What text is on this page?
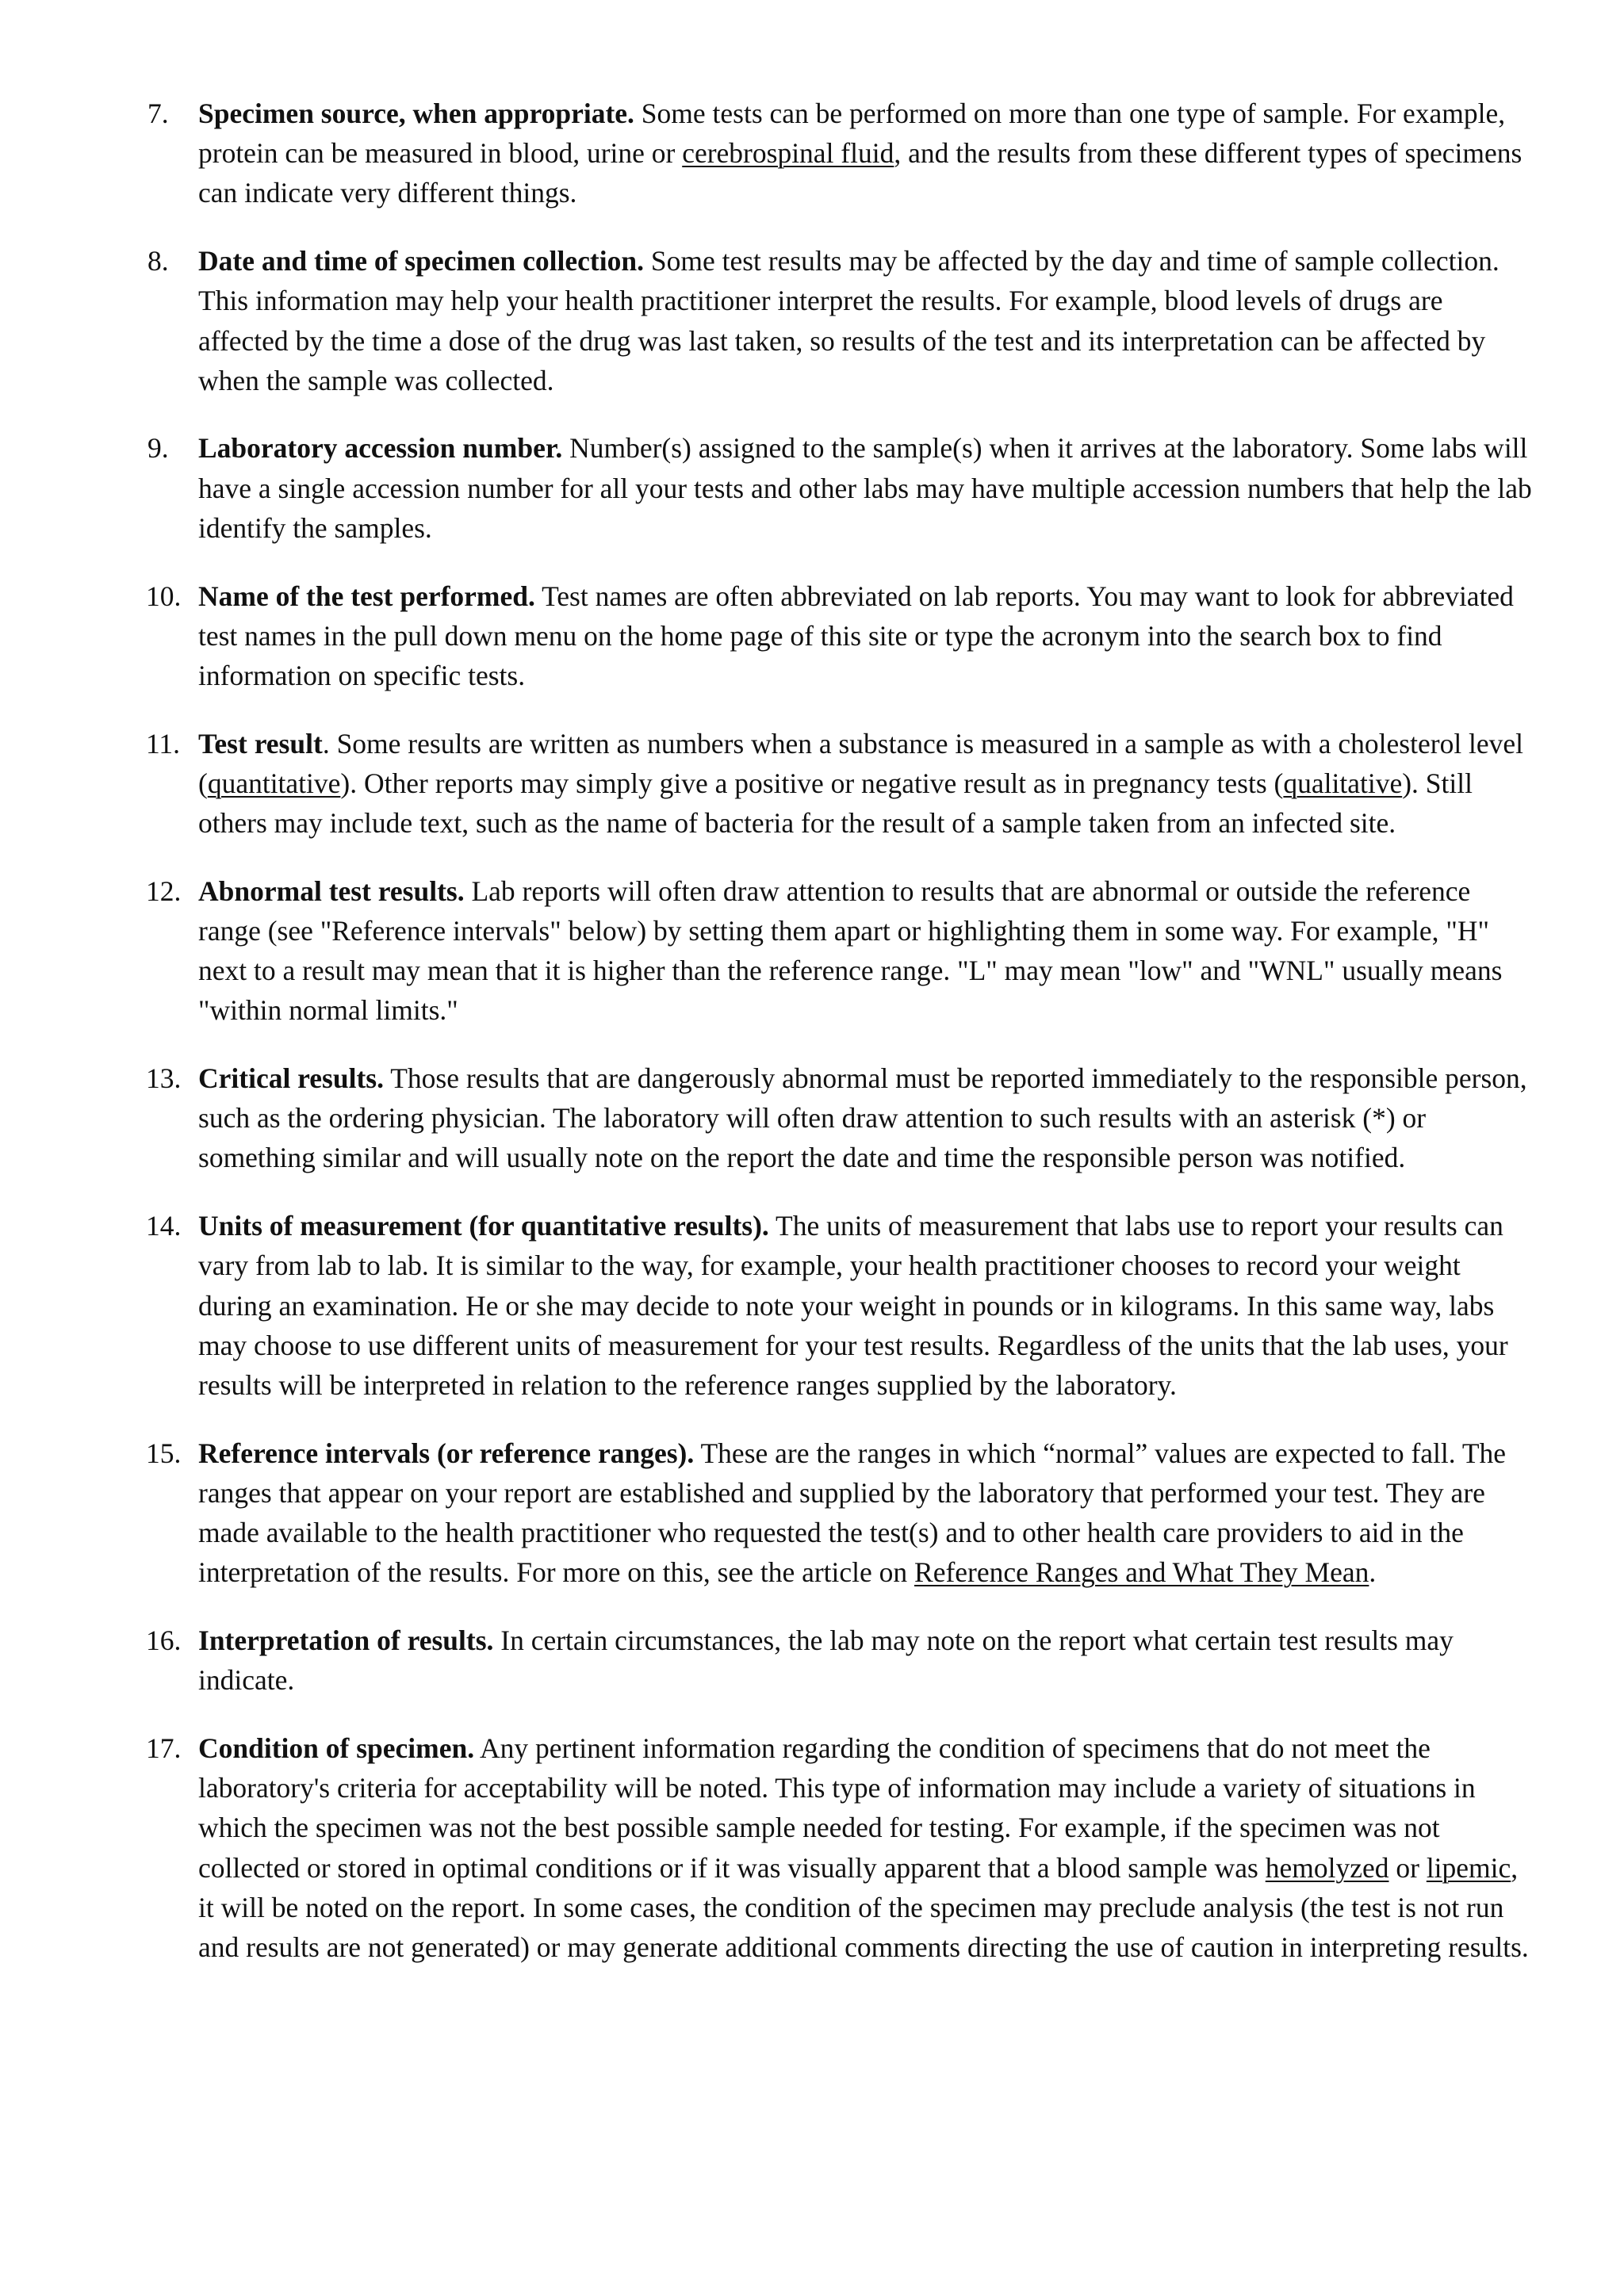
7.	Specimen source, when appropriate. Some tests can be performed on more than one type of sample. For example, protein can be measured in blood, urine or cerebrospinal fluid, and the results from these different types of specimens can indicate very different things.
8.	Date and time of specimen collection. Some test results may be affected by the day and time of sample collection. This information may help your health practitioner interpret the results. For example, blood levels of drugs are affected by the time a dose of the drug was last taken, so results of the test and its interpretation can be affected by when the sample was collected.
9.	Laboratory accession number. Number(s) assigned to the sample(s) when it arrives at the laboratory. Some labs will have a single accession number for all your tests and other labs may have multiple accession numbers that help the lab identify the samples.
10. Name of the test performed. Test names are often abbreviated on lab reports. You may want to look for abbreviated test names in the pull down menu on the home page of this site or type the acronym into the search box to find information on specific tests.
11. Test result. Some results are written as numbers when a substance is measured in a sample as with a cholesterol level (quantitative). Other reports may simply give a positive or negative result as in pregnancy tests (qualitative). Still others may include text, such as the name of bacteria for the result of a sample taken from an infected site.
12. Abnormal test results. Lab reports will often draw attention to results that are abnormal or outside the reference range (see "Reference intervals" below) by setting them apart or highlighting them in some way. For example, "H" next to a result may mean that it is higher than the reference range. "L" may mean "low" and "WNL" usually means "within normal limits."
13. Critical results. Those results that are dangerously abnormal must be reported immediately to the responsible person, such as the ordering physician. The laboratory will often draw attention to such results with an asterisk (*) or something similar and will usually note on the report the date and time the responsible person was notified.
14. Units of measurement (for quantitative results). The units of measurement that labs use to report your results can vary from lab to lab. It is similar to the way, for example, your health practitioner chooses to record your weight during an examination. He or she may decide to note your weight in pounds or in kilograms. In this same way, labs may choose to use different units of measurement for your test results. Regardless of the units that the lab uses, your results will be interpreted in relation to the reference ranges supplied by the laboratory.
15. Reference intervals (or reference ranges). These are the ranges in which “normal” values are expected to fall. The ranges that appear on your report are established and supplied by the laboratory that performed your test. They are made available to the health practitioner who requested the test(s) and to other health care providers to aid in the interpretation of the results. For more on this, see the article on Reference Ranges and What They Mean.
16. Interpretation of results. In certain circumstances, the lab may note on the report what certain test results may indicate.
17. Condition of specimen. Any pertinent information regarding the condition of specimens that do not meet the laboratory's criteria for acceptability will be noted. This type of information may include a variety of situations in which the specimen was not the best possible sample needed for testing. For example, if the specimen was not collected or stored in optimal conditions or if it was visually apparent that a blood sample was hemolyzed or lipemic, it will be noted on the report. In some cases, the condition of the specimen may preclude analysis (the test is not run and results are not generated) or may generate additional comments directing the use of caution in interpreting results.
